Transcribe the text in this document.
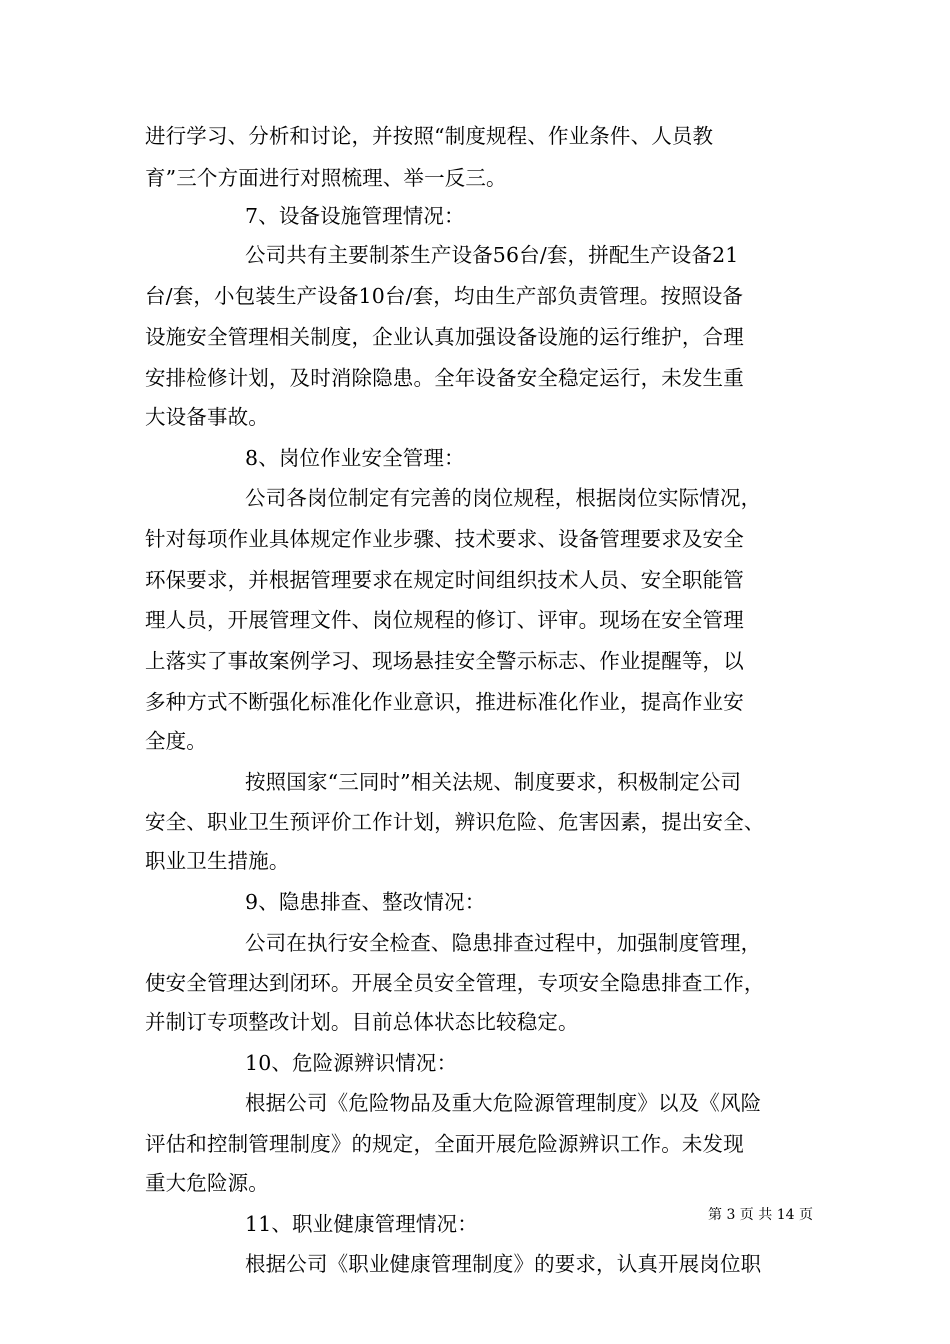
进行学习、分析和讨论，并按照“制度规程、作业条件、人员教
育”三个方面进行对照梳理、举一反三。
7、设备设施管理情况：
公司共有主要制茶生产设备56台/套，拼配生产设备21
台/套，小包装生产设备10台/套，均由生产部负责管理。按照设备
设施安全管理相关制度，企业认真加强设备设施的运行维护，合理
安排检修计划，及时消除隐患。全年设备安全稳定运行，未发生重
大设备事故。
8、岗位作业安全管理：
公司各岗位制定有完善的岗位规程，根据岗位实际情况，
针对每项作业具体规定作业步骤、技术要求、设备管理要求及安全
环保要求，并根据管理要求在规定时间组织技术人员、安全职能管
理人员，开展管理文件、岗位规程的修订、评审。现场在安全管理
上落实了事故案例学习、现场悬挂安全警示标志、作业提醒等，以
多种方式不断强化标准化作业意识，推进标准化作业，提高作业安
全度。
按照国家“三同时”相关法规、制度要求，积极制定公司
安全、职业卫生预评价工作计划，辨识危险、危害因素，提出安全、
职业卫生措施。
9、隐患排查、整改情况：
公司在执行安全检查、隐患排查过程中，加强制度管理，
使安全管理达到闭环。开展全员安全管理，专项安全隐患排查工作，
并制订专项整改计划。目前总体状态比较稳定。
10、危险源辨识情况：
根据公司《危险物品及重大危险源管理制度》以及《风险
评估和控制管理制度》的规定，全面开展危险源辨识工作。未发现
重大危险源。
11、职业健康管理情况：
根据公司《职业健康管理制度》的要求，认真开展岗位职
第 3 页 共 14 页
